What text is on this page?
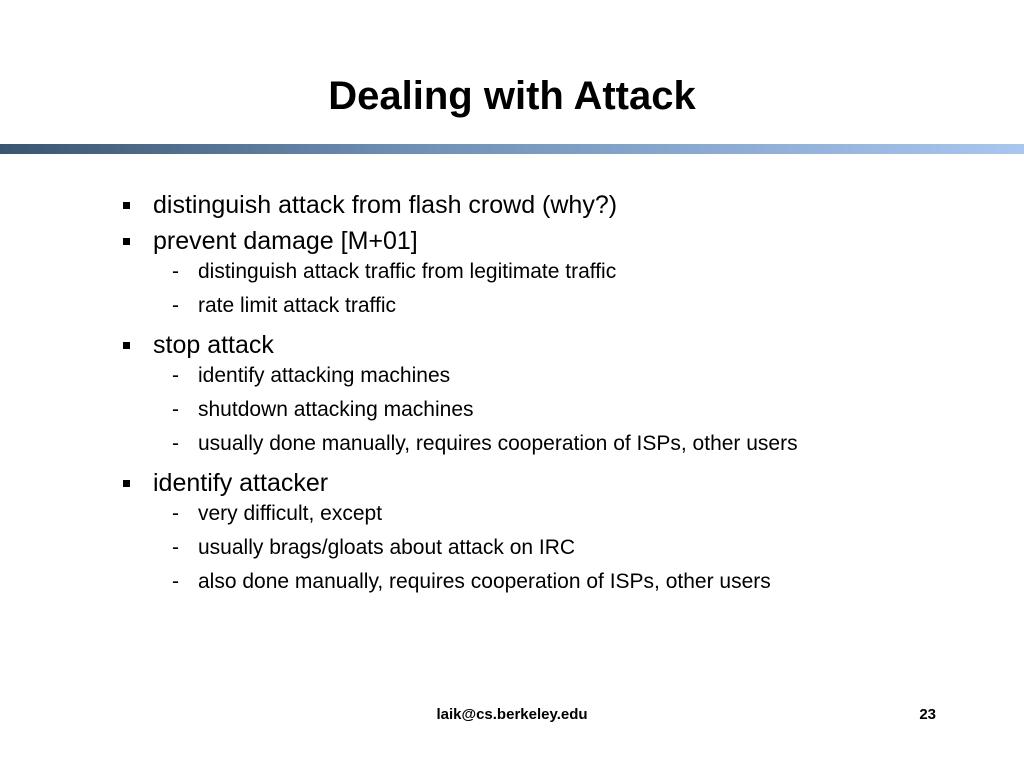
Dealing with Attack
distinguish attack from flash crowd (why?)
prevent damage [M+01]
- distinguish attack traffic from legitimate traffic
- rate limit attack traffic
stop attack
- identify attacking machines
- shutdown attacking machines
- usually done manually, requires cooperation of ISPs, other users
identify attacker
- very difficult, except
- usually brags/gloats about attack on IRC
- also done manually, requires cooperation of ISPs, other users
laik@cs.berkeley.edu	23
